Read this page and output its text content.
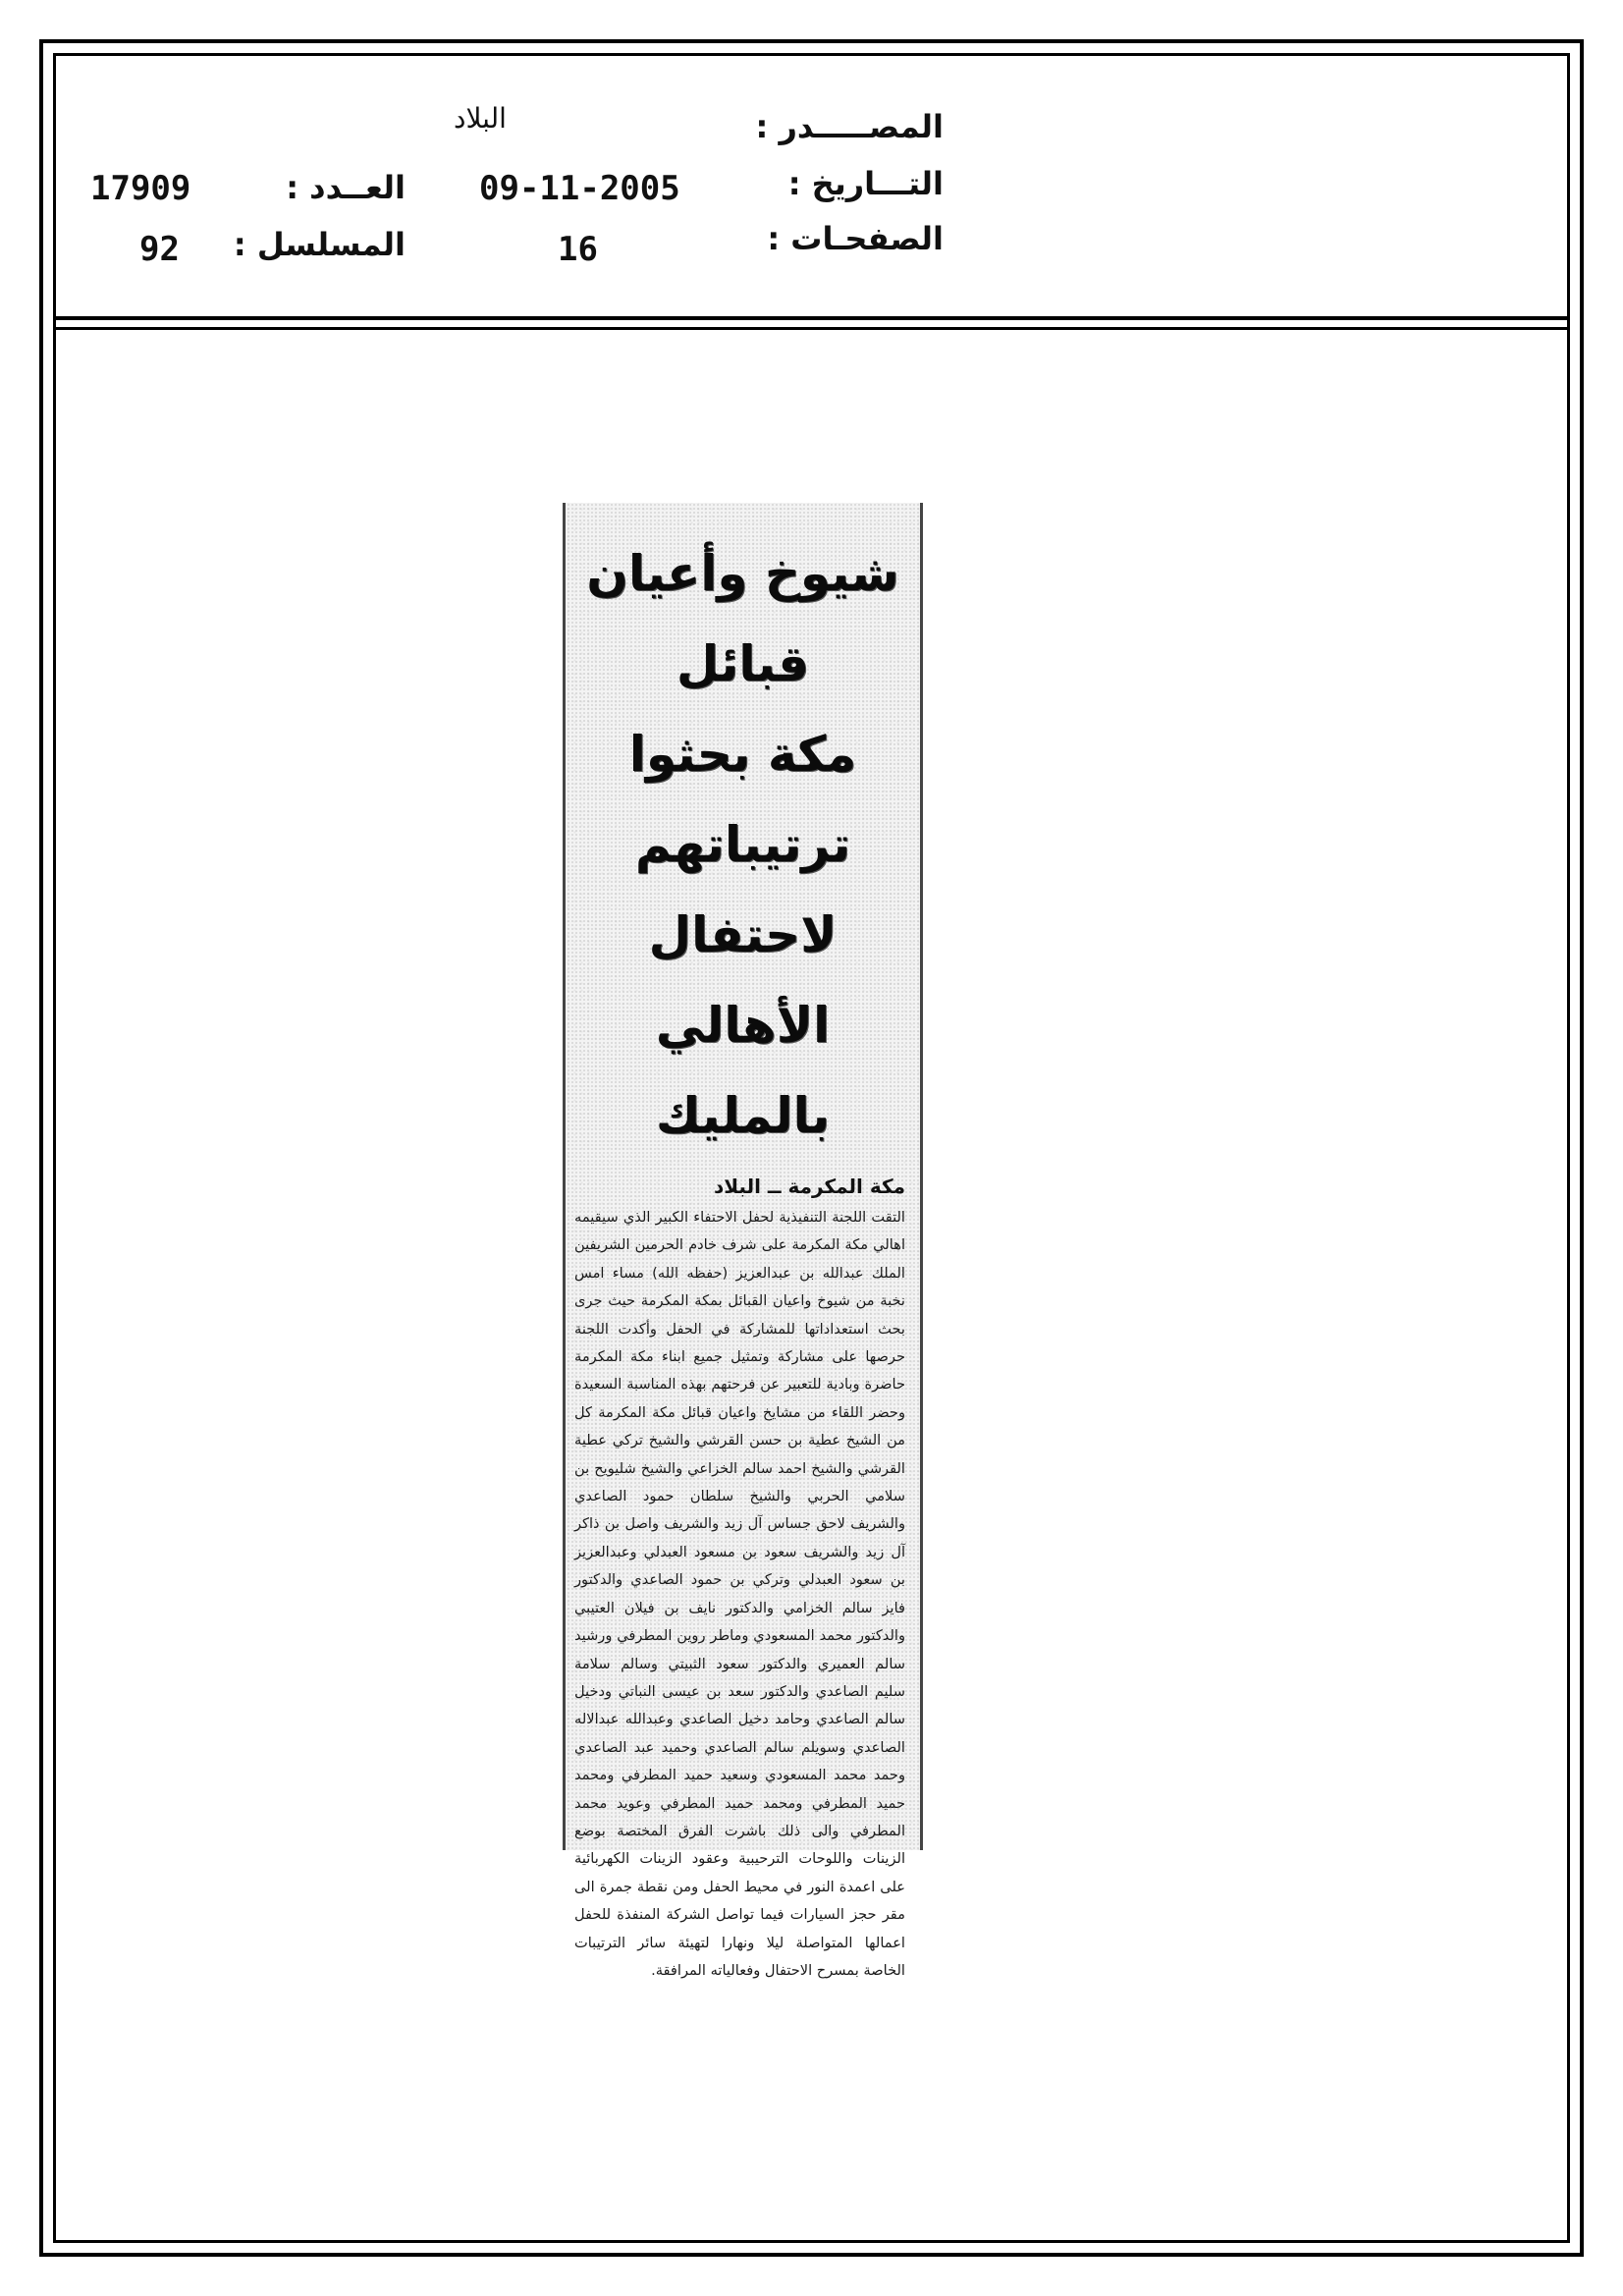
المصـــــدر :
البلاد
التـــاريخ :
09-11-2005
العــدد :
17909
الصفحـات :
16
المسلسل :
92
شيوخ وأعيان قبائل
مكة بحثوا ترتيباتهم
لاحتفال الأهالي بالمليك
مكة المكرمة ــ البلاد
التقت اللجنة التنفيذية لحفل الاحتفاء الكبير الذي سيقيمه اهالي مكة المكرمة على شرف خادم الحرمين الشريفين الملك عبدالله بن عبدالعزيز (حفظه الله) مساء امس نخبة من شيوخ واعيان القبائل بمكة المكرمة حيث جرى بحث استعداداتها للمشاركة في الحفل وأكدت اللجنة حرصها على مشاركة وتمثيل جميع ابناء مكة المكرمة حاضرة وبادية للتعبير عن فرحتهم بهذه المناسبة السعيدة وحضر اللقاء من مشايخ واعيان قبائل مكة المكرمة كل من الشيخ عطية بن حسن القرشي والشيخ تركي عطية القرشي والشيخ احمد سالم الخزاعي والشيخ شليويح بن سلامي الحربي والشيخ سلطان حمود الصاعدي والشريف لاحق جساس آل زيد والشريف واصل بن ذاكر آل زيد والشريف سعود بن مسعود العبدلي وعبدالعزيز بن سعود العبدلي وتركي بن حمود الصاعدي والدكتور فايز سالم الخزامي والدكتور نايف بن فيلان العتيبي والدكتور محمد المسعودي وماطر روين المطرفي ورشيد سالم العميري والدكتور سعود الثبيتي وسالم سلامة سليم الصاعدي والدكتور سعد بن عيسى النباتي ودخيل سالم الصاعدي وحامد دخيل الصاعدي وعبدالله عبدالاله الصاعدي وسويلم سالم الصاعدي وحميد عبد الصاعدي وحمد محمد المسعودي وسعيد حميد المطرفي ومحمد حميد المطرفي ومحمد حميد المطرفي وعويد محمد المطرفي والى ذلك باشرت الفرق المختصة بوضع الزينات واللوحات الترحيبية وعقود الزينات الكهربائية على اعمدة النور في محيط الحفل ومن نقطة جمرة الى مقر حجز السيارات فيما تواصل الشركة المنفذة للحفل اعمالها المتواصلة ليلا ونهارا لتهيئة سائر الترتيبات الخاصة بمسرح الاحتفال وفعالياته المرافقة.
